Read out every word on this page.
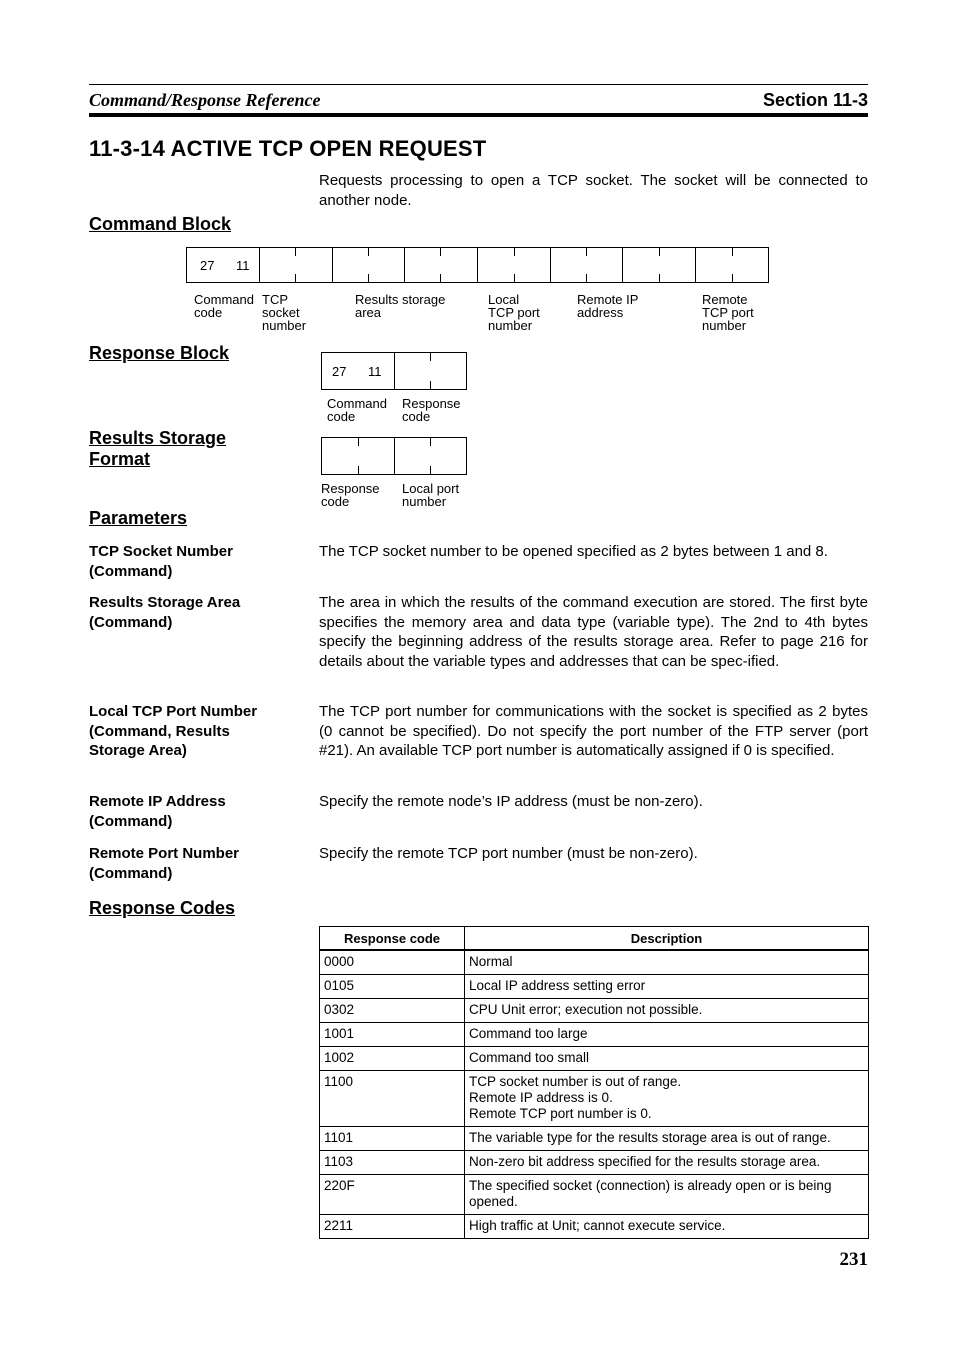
Command/Response Reference	Section 11-3
11-3-14 ACTIVE TCP OPEN REQUEST
Requests processing to open a TCP socket. The socket will be connected to another node.
Command Block
27 11
Command
code
TCP
socket
number
Results storage
area
Local
TCP port
number
Remote IP
address
Remote
TCP port
number
Response Block
27 11
Command
code
Response
code
Results Storage Format
Response
code
Local port
number
Parameters
TCP Socket Number
(Command)
The TCP socket number to be opened specified as 2 bytes between 1 and 8.
Results Storage Area
(Command)
The area in which the results of the command execution are stored. The first byte specifies the memory area and data type (variable type). The 2nd to 4th bytes specify the beginning address of the results storage area. Refer to page 216 for details about the variable types and addresses that can be spec-ified.
Local TCP Port Number
(Command, Results
Storage Area)
The TCP port number for communications with the socket is specified as 2 bytes (0 cannot be specified). Do not specify the port number of the FTP server (port #21). An available TCP port number is automatically assigned if 0 is specified.
Remote IP Address
(Command)
Specify the remote node’s IP address (must be non-zero).
Remote Port Number
(Command)
Specify the remote TCP port number (must be non-zero).
Response Codes
Response code	Description
0000	Normal
0105	Local IP address setting error
0302	CPU Unit error; execution not possible.
1001	Command too large
1002	Command too small
1100	TCP socket number is out of range.
Remote IP address is 0.
Remote TCP port number is 0.
1101	The variable type for the results storage area is out of range.
1103	Non-zero bit address specified for the results storage area.
220F	The specified socket (connection) is already open or is being opened.
2211	High traffic at Unit; cannot execute service.
231
